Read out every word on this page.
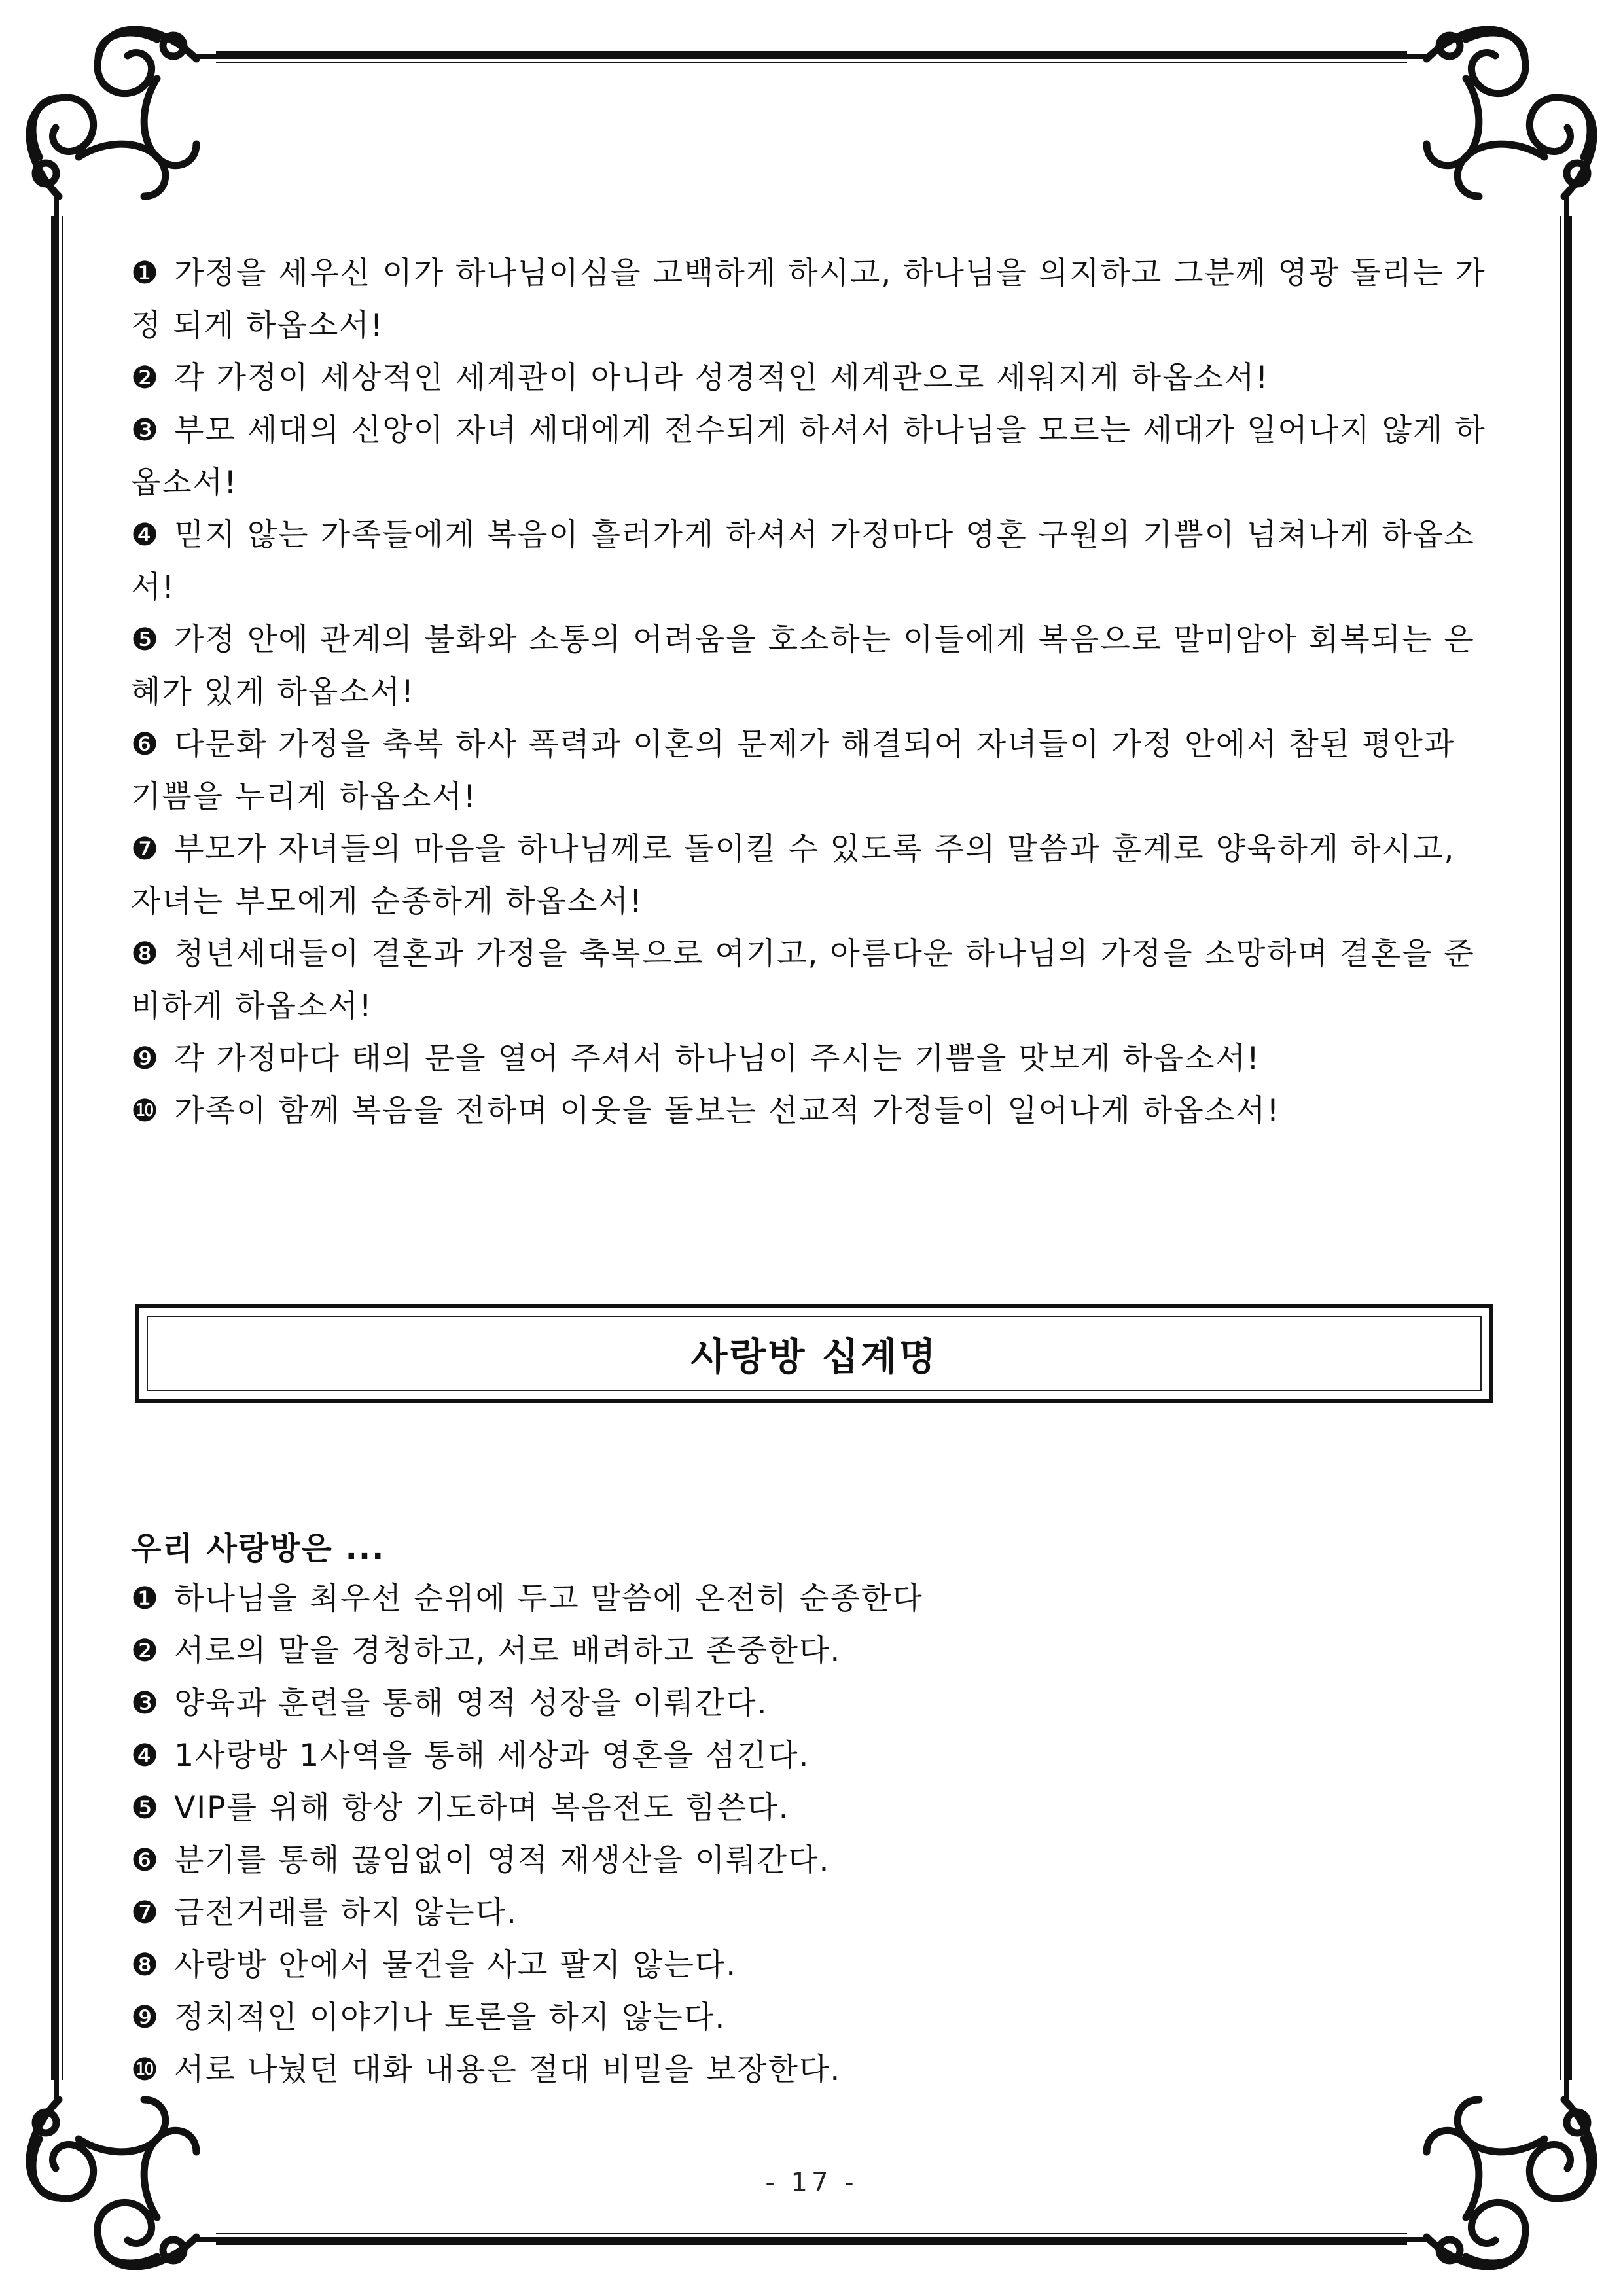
❶ 가정을 세우신 이가 하나님이심을 고백하게 하시고, 하나님을 의지하고 그분께 영광 돌리는 가정 되게 하옵소서!

❷ 각 가정이 세상적인 세계관이 아니라 성경적인 세계관으로 세워지게 하옵소서!

❸ 부모 세대의 신앙이 자녀 세대에게 전수되게 하셔서 하나님을 모르는 세대가 일어나지 않게 하옵소서!

❹ 믿지 않는 가족들에게 복음이 흘러가게 하셔서 가정마다 영혼 구원의 기쁨이 넘쳐나게 하옵소서!

❺ 가정 안에 관계의 불화와 소통의 어려움을 호소하는 이들에게 복음으로 말미암아 회복되는 은혜가 있게 하옵소서!

❻ 다문화 가정을 축복 하사 폭력과 이혼의 문제가 해결되어 자녀들이 가정 안에서 참된 평안과 기쁨을 누리게 하옵소서!

❼ 부모가 자녀들의 마음을 하나님께로 돌이킬 수 있도록 주의 말씀과 훈계로 양육하게 하시고, 자녀는 부모에게 순종하게 하옵소서!

❽ 청년세대들이 결혼과 가정을 축복으로 여기고, 아름다운 하나님의 가정을 소망하며 결혼을 준비하게 하옵소서!

❾ 각 가정마다 태의 문을 열어 주셔서 하나님이 주시는 기쁨을 맛보게 하옵소서!

❿ 가족이 함께 복음을 전하며 이웃을 돌보는 선교적 가정들이 일어나게 하옵소서!

사랑방 십계명
우리 사랑방은 ...

❶ 하나님을 최우선 순위에 두고 말씀에 온전히 순종한다

❷ 서로의 말을 경청하고, 서로 배려하고 존중한다.

❸ 양육과 훈련을 통해 영적 성장을 이뤄간다.

❹ 1사랑방 1사역을 통해 세상과 영혼을 섬긴다.

❺ VIP를 위해 항상 기도하며 복음전도 힘쓴다.

❻ 분기를 통해 끊임없이 영적 재생산을 이뤄간다.

❼ 금전거래를 하지 않는다.

❽ 사랑방 안에서 물건을 사고 팔지 않는다.

❾ 정치적인 이야기나 토론을 하지 않는다.

❿ 서로 나눴던 대화 내용은 절대 비밀을 보장한다.

- 17 -
